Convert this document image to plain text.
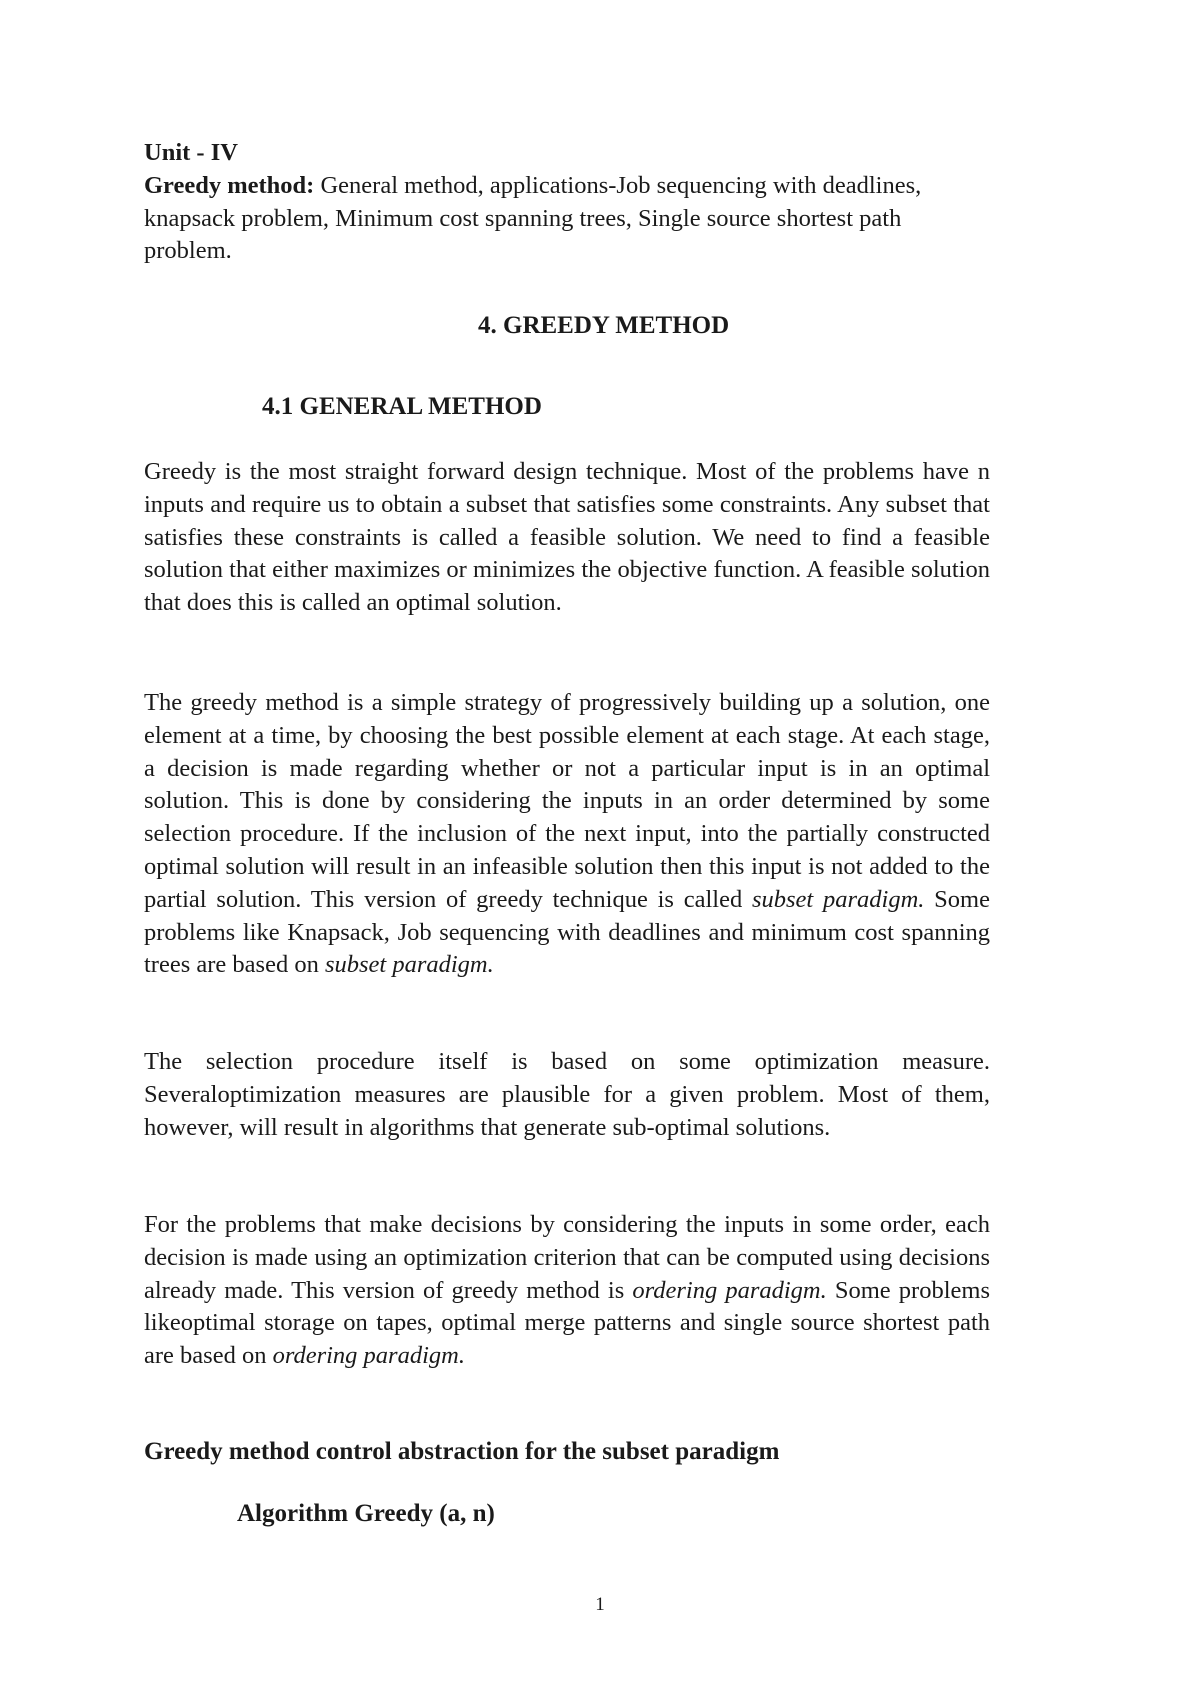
Unit - IV
Greedy method: General method, applications-Job sequencing with deadlines, knapsack problem, Minimum cost spanning trees, Single source shortest path problem.
4. GREEDY METHOD
4.1 GENERAL METHOD
Greedy is the most straight forward design technique. Most of the problems have n inputs and require us to obtain a subset that satisfies some constraints. Any subset that satisfies these constraints is called a feasible solution. We need to find a feasible solution that either maximizes or minimizes the objective function. A feasible solution that does this is called an optimal solution.
The greedy method is a simple strategy of progressively building up a solution, one element at a time, by choosing the best possible element at each stage. At each stage, a decision is made regarding whether or not a particular input is in an optimal solution. This is done by considering the inputs in an order determined by some selection procedure. If the inclusion of the next input, into the partially constructed optimal solution will result in an infeasible solution then this input is not added to the partial solution. This version of greedy technique is called subset paradigm. Some problems like Knapsack, Job sequencing with deadlines and minimum cost spanning trees are based on subset paradigm.
The selection procedure itself is based on some optimization measure. Severaloptimization measures are plausible for a given problem. Most of them, however, will result in algorithms that generate sub-optimal solutions.
For the problems that make decisions by considering the inputs in some order, each decision is made using an optimization criterion that can be computed using decisions already made. This version of greedy method is ordering paradigm. Some problems likeoptimal storage on tapes, optimal merge patterns and single source shortest path are based on ordering paradigm.
Greedy method control abstraction for the subset paradigm
Algorithm Greedy (a, n)
1
